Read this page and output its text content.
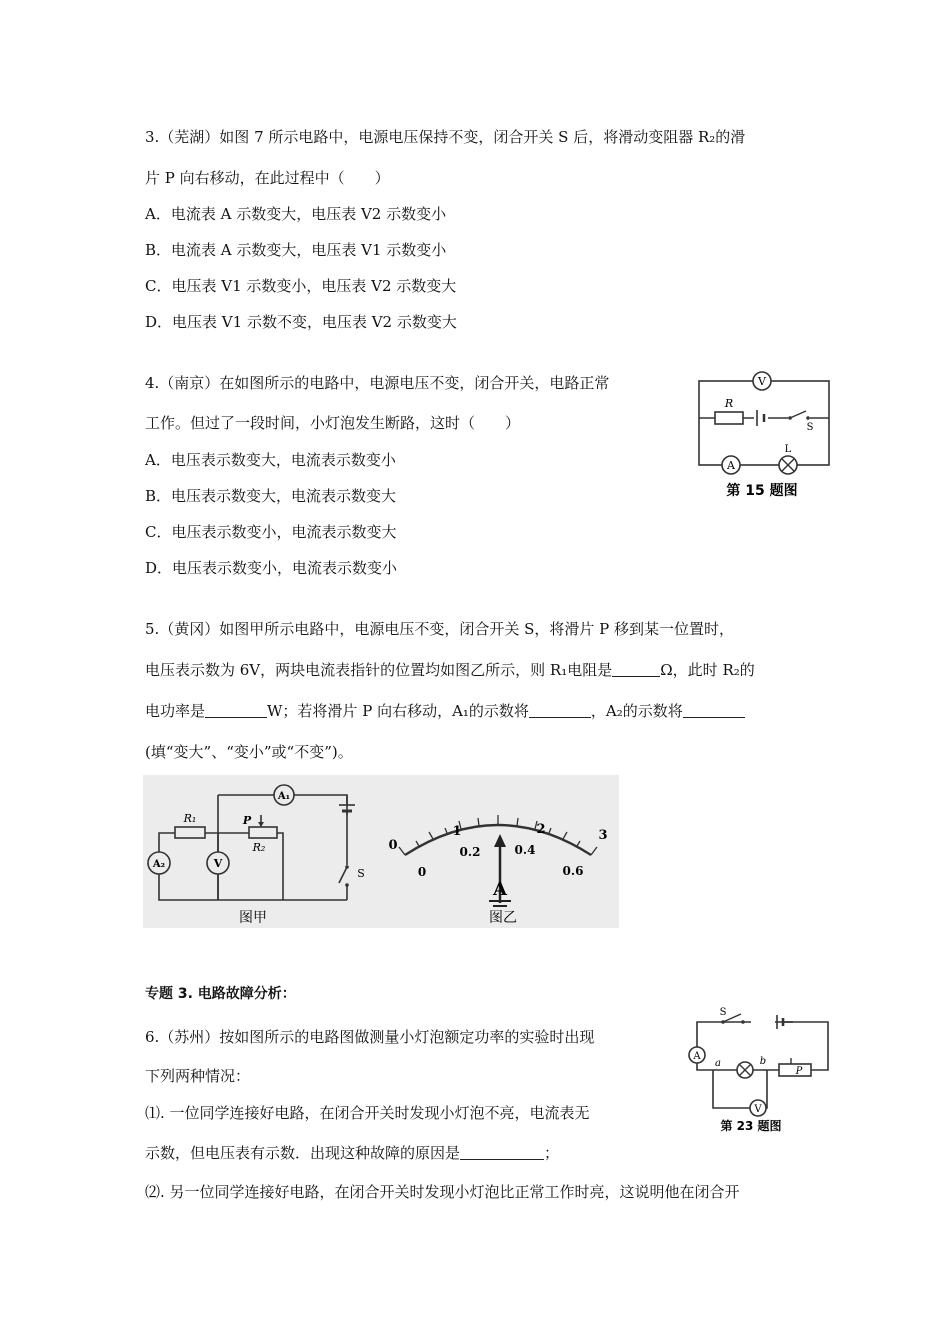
3.（芜湖）如图 7 所示电路中，电源电压保持不变，闭合开关 S 后，将滑动变阻器 R₂的滑
片 P 向右移动，在此过程中（　　）
A．电流表 A 示数变大，电压表 V2 示数变小
B．电流表 A 示数变大，电压表 V1 示数变小
C．电压表 V1 示数变小，电压表 V2 示数变大
D．电压表 V1 示数不变，电压表 V2 示数变大
4.（南京）在如图所示的电路中，电源电压不变，闭合开关，电路正常
工作。但过了一段时间，小灯泡发生断路，这时（　　）
A．电压表示数变大，电流表示数变小
B．电压表示数变大，电流表示数变大
C．电压表示数变小，电流表示数变大
D．电压表示数变小，电流表示数变小
V
R
S
A
L
第 15 题图
5.（黄冈）如图甲所示电路中，电源电压不变，闭合开关 S，将滑片 P 移到某一位置时，
电压表示数为 6V，两块电流表指针的位置均如图乙所示，则 R₁电阻是	Ω，此时 R₂的
电功率是	W；若将滑片 P 向右移动，A₁的示数将	，A₂的示数将
(填“变大”、“变小”或“不变”)。
A₁
R₁	P
R₂
A₂	V
S
图甲
0
1	2	3
0
0.2	0.4
0.6
A
图乙
专题 3. 电路故障分析：
6.（苏州）按如图所示的电路图做测量小灯泡额定功率的实验时出现
下列两种情况：
⑴. 一位同学连接好电路，在闭合开关时发现小灯泡不亮，电流表无
示数，但电压表有示数．出现这种故障的原因是	；
⑵. 另一位同学连接好电路，在闭合开关时发现小灯泡比正常工作时亮，这说明他在闭合开
S
A
a	b
P
V
第 23 题图
